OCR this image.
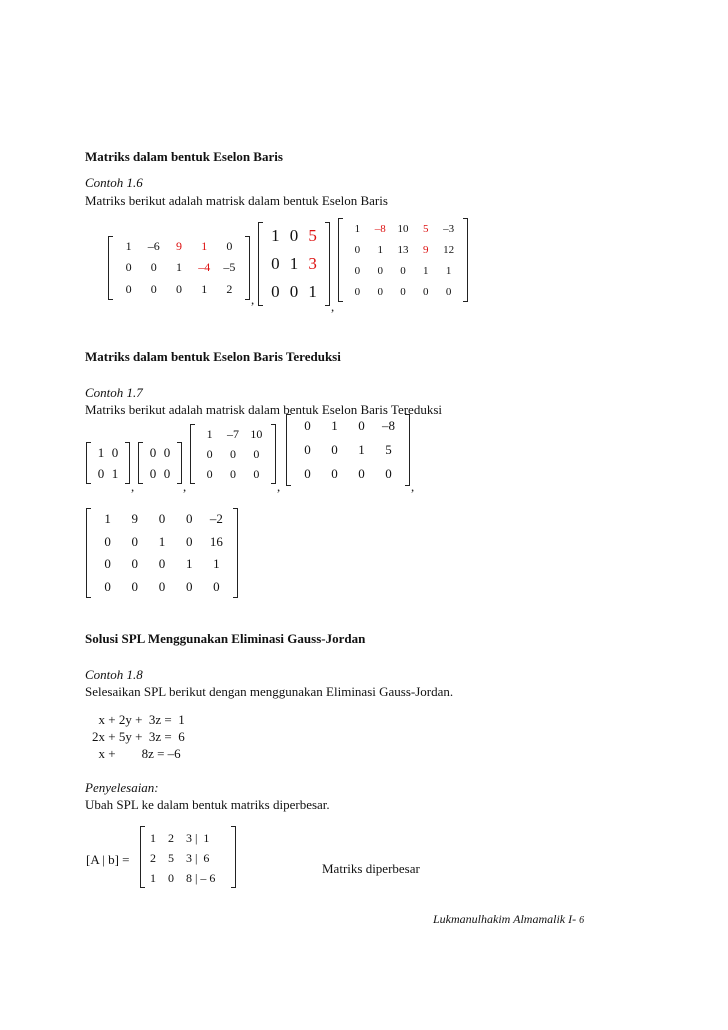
Matriks dalam bentuk Eselon Baris
Contoh 1.6
Matriks berikut adalah matrisk dalam bentuk Eselon Baris
1	–6	9	1	0
0	0	1	–4	–5
0	0	0	1	2
,
1 0 5
0 1 3
0 0 1
,
1	–8	10	5	–3
0	1	13	9	12
0	0	0	1	1
0	0	0	0	0
Matriks dalam bentuk Eselon Baris Tereduksi
Contoh 1.7
Matriks berikut adalah matrisk dalam bentuk Eselon Baris Tereduksi
1 0
0 1
,
0 0
0 0
,
1	–7 10
0	0	0
0	0	0
,
0	1	0	–8
0	0	1	5
0	0	0	0
,
1	9	0	0	–2
0	0	1	0	16
0	0	0	1	1
0	0	0	0	0
Solusi SPL Menggunakan Eliminasi Gauss-Jordan
Contoh 1.8
Selesaikan SPL berikut dengan menggunakan Eliminasi Gauss-Jordan.
x + 2y +  3z =  1
2x + 5y +  3z =  6
x +        8z = –6
Penyelesaian:
Ubah SPL ke dalam bentuk matriks diperbesar.
[A | b] =
1    2    3 |  1
2    5    3 |  6
1    0    8 | – 6
Matriks diperbesar
Lukmanulhakim Almamalik I- 6
